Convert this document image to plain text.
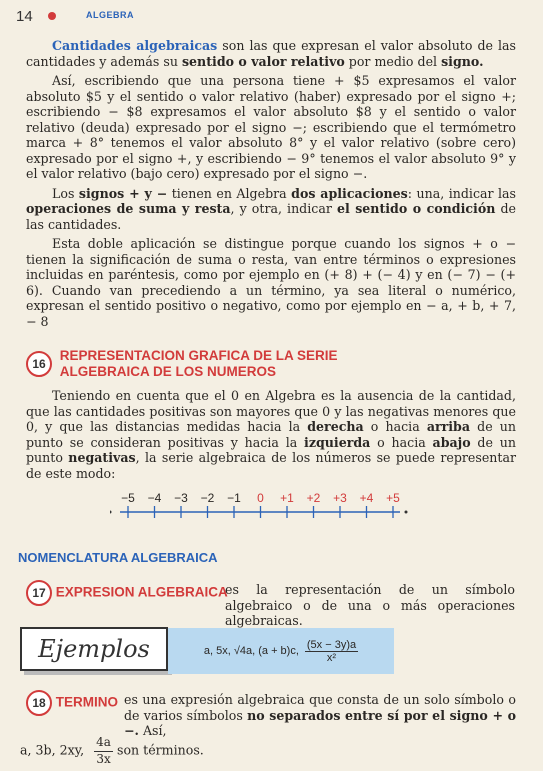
14	ALGEBRA

Cantidades algebraicas son las que expresan el valor absoluto de las cantidades y además su sentido o valor relativo por medio del signo.

Así, escribiendo que una persona tiene + $5 expresamos el valor absoluto $5 y el sentido o valor relativo (haber) expresado por el signo +; escribiendo − $8 expresamos el valor absoluto $8 y el sentido o valor relativo (deuda) expresado por el signo −; escribiendo que el termómetro marca + 8° tenemos el valor absoluto 8° y el valor relativo (sobre cero) expresado por el signo +, y escribiendo − 9° tenemos el valor absoluto 9° y el valor relativo (bajo cero) expresado por el signo −.

Los signos + y − tienen en Algebra dos aplicaciones: una, indicar las operaciones de suma y resta, y otra, indicar el sentido o condición de las cantidades.

Esta doble aplicación se distingue porque cuando los signos + o − tienen la significación de suma o resta, van entre términos o expresiones incluidas en paréntesis, como por ejemplo en (+ 8) + (− 4) y en (− 7) − (+ 6). Cuando van precediendo a un término, ya sea literal o numérico, expresan el sentido positivo o negativo, como por ejemplo en − a, + b, + 7, − 8

16 REPRESENTACION GRAFICA DE LA SERIE
ALGEBRAICA DE LOS NUMEROS

Teniendo en cuenta que el 0 en Algebra es la ausencia de la cantidad, que las cantidades positivas son mayores que 0 y las negativas menores que 0, y que las distancias medidas hacia la derecha o hacia arriba de un punto se consideran positivas y hacia la izquierda o hacia abajo de un punto negativas, la serie algebraica de los números se puede representar de este modo:

−5 −4 −3 −2 −1 0 +1 +2 +3 +4 +5
NOMENCLATURA ALGEBRAICA
17 EXPRESION ALGEBRAICA

es la representación de un símbolo algebraico o de una o más operaciones algebraicas.

Ejemplos	a, 5x, √4a, (a + b)c, $\frac{(5x - 3y)a}{\text{x²}}$
18 TERMINO es una expresión algebraica que consta de un solo símbolo o de varios símbolos no separados entre sí por el signo + o −. Así,

a, 3b, 2xy, $\frac{4a}{3x}$ son términos.
